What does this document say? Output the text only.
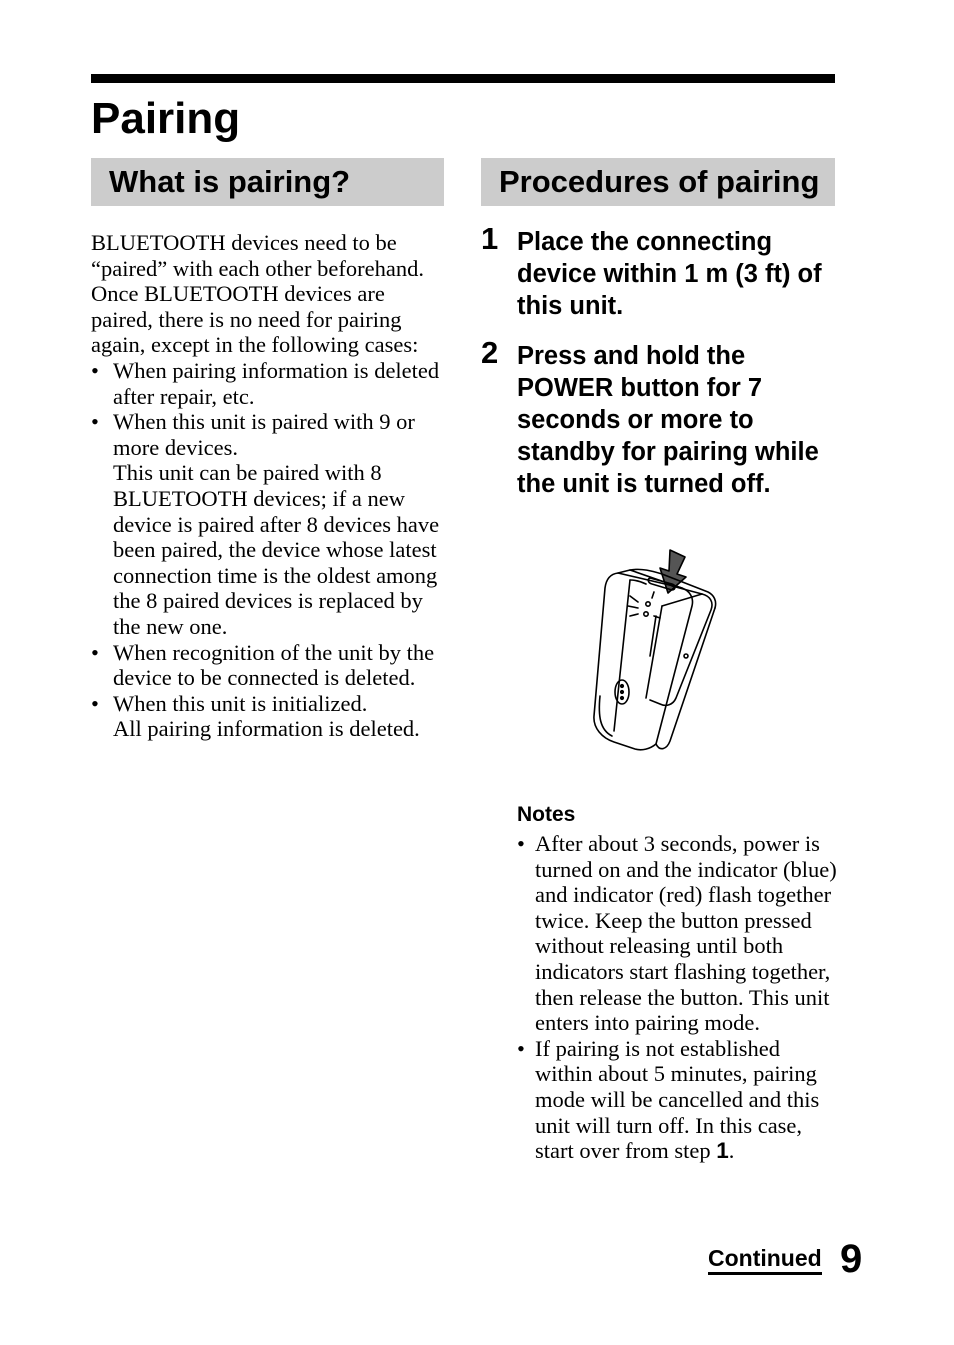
Pairing
What is pairing?	Procedures of pairing

BLUETOOTH devices need to be “paired” with each other beforehand.

Once BLUETOOTH devices are paired, there is no need for pairing again, except in the following cases:

• When pairing information is deleted after repair, etc.
• When this unit is paired with 9 or more devices.
This unit can be paired with 8 BLUETOOTH devices; if a new device is paired after 8 devices have been paired, the device whose latest connection time is the oldest among the 8 paired devices is replaced by the new one.
• When recognition of the unit by the device to be connected is deleted.
• When this unit is initialized.
All pairing information is deleted.
1 Place the connecting device within 1 m (3 ft) of this unit.
2 Press and hold the POWER button for 7 seconds or more to standby for pairing while the unit is turned off.
Notes
• After about 3 seconds, power is turned on and the indicator (blue) and indicator (red) flash together twice. Keep the button pressed without releasing until both indicators start flashing together, then release the button. This unit enters into pairing mode.
• If pairing is not established within about 5 minutes, pairing mode will be cancelled and this unit will turn off. In this case, start over from step 1.
Continued 9
